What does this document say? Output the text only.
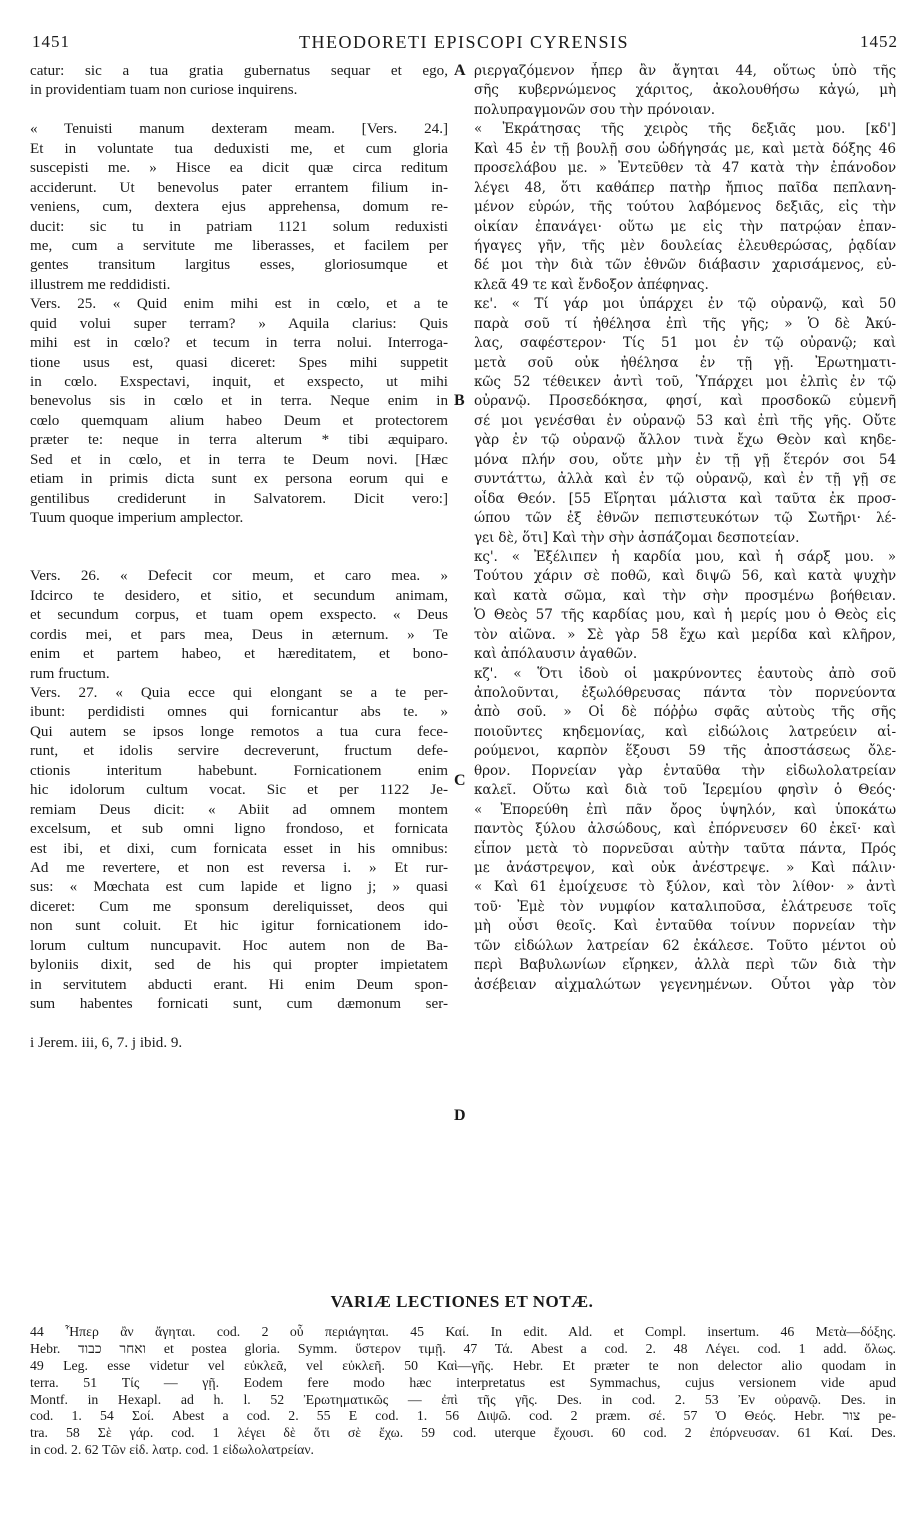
1451	THEODORETI EPISCOPI CYRENSIS	1452
catur: sic a tua gratia gubernatus sequar et ego,
in providentiam tuam non curiose inquirens.
« Tenuisti manum dexteram meam. [Vers. 24.]
Et in voluntate tua deduxisti me, et cum gloria
suscepisti me. » Hisce ea dicit quæ circa reditum
acciderunt. Ut benevolus pater errantem filium in-
veniens, cum, dextera ejus apprehensa, domum re-
ducit: sic tu in patriam 1121 solum reduxisti
me, cum a servitute me liberasses, et facilem per
gentes transitum largitus esses, gloriosumque et
illustrem me reddidisti.
Vers. 25. « Quid enim mihi est in cœlo, et a te
quid volui super terram? » Aquila clarius: Quis
mihi est in cœlo? et tecum in terra nolui. Interroga-
tione usus est, quasi diceret: Spes mihi suppetit
in cœlo. Exspectavi, inquit, et exspecto, ut mihi
benevolus sis in cœlo et in terra. Neque enim in
cœlo quemquam alium habeo Deum et protectorem
præter te: neque in terra alterum * tibi æquiparo.
Sed et in cœlo, et in terra te Deum novi. [Hæc
etiam in primis dicta sunt ex persona eorum qui e
gentilibus crediderunt in Salvatorem. Dicit vero:]
Tuum quoque imperium amplector.
Vers. 26. « Defecit cor meum, et caro mea. »
Idcirco te desidero, et sitio, et secundum animam,
et secundum corpus, et tuam opem exspecto. « Deus
cordis mei, et pars mea, Deus in æternum. » Te
enim et partem habeo, et hæreditatem, et bono-
rum fructum.
Vers. 27. « Quia ecce qui elongant se a te per-
ibunt: perdidisti omnes qui fornicantur abs te. »
Qui autem se ipsos longe remotos a tua cura fece-
runt, et idolis servire decreverunt, fructum defe-
ctionis interitum habebunt. Fornicationem enim
hic idolorum cultum vocat. Sic et per 1122 Je-
remiam Deus dicit: « Abiit ad omnem montem
excelsum, et sub omni ligno frondoso, et fornicata
est ibi, et dixi, cum fornicata esset in his omnibus:
Ad me revertere, et non est reversa i. » Et rur-
sus: « Mœchata est cum lapide et ligno j; » quasi
diceret: Cum me sponsum dereliquisset, deos qui
non sunt coluit. Et hic igitur fornicationem ido-
lorum cultum nuncupavit. Hoc autem non de Ba-
byloniis dixit, sed de his qui propter impietatem
in servitutem abducti erant. Hi enim Deum spon-
sum habentes fornicati sunt, cum dæmonum ser-
i Jerem. iii, 6, 7. j ibid. 9.
A
B
C
D
ριεργαζόμενον ἧπερ ἂν ἄγηται 44, οὕτως ὑπὸ τῆς
σῆς κυβερνώμενος χάριτος, ἀκολουθήσω κἀγώ, μὴ
πολυπραγμονῶν σου τὴν πρόνοιαν.
« Ἐκράτησας τῆς χειρὸς τῆς δεξιᾶς μου. [κδ']
Καὶ 45 ἐν τῇ βουλῇ σου ὡδήγησάς με, καὶ μετὰ δόξης 46
προσελάβου με. » Ἐντεῦθεν τὰ 47 κατὰ τὴν ἐπάνοδον
λέγει 48, ὅτι καθάπερ πατὴρ ἤπιος παῖδα πεπλανη-
μένον εὑρών, τῆς τούτου λαβόμενος δεξιᾶς, εἰς τὴν
οἰκίαν ἐπανάγει· οὕτω με εἰς τὴν πατρῴαν ἐπαν-
ήγαγες γῆν, τῆς μὲν δουλείας ἐλευθερώσας, ῥᾳδίαν
δέ μοι τὴν διὰ τῶν ἐθνῶν διάβασιν χαρισάμενος, εὐ-
κλεᾶ 49 τε καὶ ἔνδοξον ἀπέφηνας.
κε'. « Τί γάρ μοι ὑπάρχει ἐν τῷ οὐρανῷ, καὶ 50
παρὰ σοῦ τί ἠθέλησα ἐπὶ τῆς γῆς; » Ὁ δὲ Ἀκύ-
λας, σαφέστερον· Τίς 51 μοι ἐν τῷ οὐρανῷ; καὶ
μετὰ σοῦ οὐκ ἠθέλησα ἐν τῇ γῇ. Ἐρωτηματι-
κῶς 52 τέθεικεν ἀντὶ τοῦ, Ὑπάρχει μοι ἐλπὶς ἐν τῷ
οὐρανῷ. Προσεδόκησα, φησί, καὶ προσδοκῶ εὐμενῆ
σέ μοι γενέσθαι ἐν οὐρανῷ 53 καὶ ἐπὶ τῆς γῆς. Οὔτε
γὰρ ἐν τῷ οὐρανῷ ἄλλον τινὰ ἔχω Θεὸν καὶ κηδε-
μόνα πλήν σου, οὔτε μὴν ἐν τῇ γῇ ἕτερόν σοι 54
συντάττω, ἀλλὰ καὶ ἐν τῷ οὐρανῷ, καὶ ἐν τῇ γῇ σε
οἶδα Θεόν. [55 Εἴρηται μάλιστα καὶ ταῦτα ἐκ προσ-
ώπου τῶν ἐξ ἐθνῶν πεπιστευκότων τῷ Σωτῆρι· λέ-
γει δὲ, ὅτι] Καὶ τὴν σὴν ἀσπάζομαι δεσποτείαν.
κς'. « Ἐξέλιπεν ἡ καρδία μου, καὶ ἡ σάρξ μου. »
Τούτου χάριν σὲ ποθῶ, καὶ διψῶ 56, καὶ κατὰ ψυχὴν
καὶ κατὰ σῶμα, καὶ τὴν σὴν προσμένω βοήθειαν.
Ὁ Θεὸς 57 τῆς καρδίας μου, καὶ ἡ μερίς μου ὁ Θεὸς εἰς
τὸν αἰῶνα. » Σὲ γὰρ 58 ἔχω καὶ μερίδα καὶ κλῆρον,
καὶ ἀπόλαυσιν ἀγαθῶν.
κζ'. « Ὅτι ἰδοὺ οἱ μακρύνοντες ἑαυτοὺς ἀπὸ σοῦ
ἀπολοῦνται, ἐξωλόθρευσας πάντα τὸν πορνεύοντα
ἀπὸ σοῦ. » Οἱ δὲ πόῤῥω σφᾶς αὐτοὺς τῆς σῆς
ποιοῦντες κηδεμονίας, καὶ εἰδώλοις λατρεύειν αἱ-
ρούμενοι, καρπὸν ἕξουσι 59 τῆς ἀποστάσεως ὄλε-
θρον. Πορνείαν γὰρ ἐνταῦθα τὴν εἰδωλολατρείαν
καλεῖ. Οὕτω καὶ διὰ τοῦ Ἱερεμίου φησὶν ὁ Θεός·
« Ἐπορεύθη ἐπὶ πᾶν ὄρος ὑψηλόν, καὶ ὑποκάτω
παντὸς ξύλου ἀλσώδους, καὶ ἐπόρνευσεν 60 ἐκεῖ· καὶ
εἶπον μετὰ τὸ πορνεῦσαι αὐτὴν ταῦτα πάντα, Πρός
με ἀνάστρεψον, καὶ οὐκ ἀνέστρεψε. » Καὶ πάλιν·
« Καὶ 61 ἐμοίχευσε τὸ ξύλον, καὶ τὸν λίθον· » ἀντὶ
τοῦ· Ἐμὲ τὸν νυμφίον καταλιποῦσα, ἐλάτρευσε τοῖς
μὴ οὖσι θεοῖς. Καὶ ἐνταῦθα τοίνυν πορνείαν τὴν
τῶν εἰδώλων λατρείαν 62 ἐκάλεσε. Τοῦτο μέντοι οὐ
περὶ Βαβυλωνίων εἴρηκεν, ἀλλὰ περὶ τῶν διὰ τὴν
ἀσέβειαν αἰχμαλώτων γεγενημένων. Οὗτοι γὰρ τὸν
VARIÆ LECTIONES ET NOTÆ.
44 Ἧπερ ἂν ἄγηται. cod. 2 οὗ περιάγηται. 45 Καί. In edit. Ald. et Compl. insertum. 46 Μετὰ—δόξης.
Hebr. ואחר כבוד et postea gloria. Symm. ὕστερον τιμῇ. 47 Τά. Abest a cod. 2. 48 Λέγει. cod. 1 add. ὅλως.
49 Leg. esse videtur vel εὐκλεᾶ, vel εὐκλεῆ. 50 Καὶ—γῆς. Hebr. Et præter te non delector alio quodam in
terra. 51 Τίς — γῇ. Eodem fere modo hæc interpretatus est Symmachus, cujus versionem vide apud
Montf. in Hexapl. ad h. l. 52 Ἐρωτηματικῶς — ἐπὶ τῆς γῆς. Des. in cod. 2. 53 Ἐν οὐρανῷ. Des. in
cod. 1. 54 Σοί. Abest a cod. 2. 55 E cod. 1. 56 Διψῶ. cod. 2 præm. σέ. 57 Ὁ Θεός. Hebr. צור pe-
tra. 58 Σὲ γάρ. cod. 1 λέγει δὲ ὅτι σὲ ἔχω. 59 cod. uterque ἔχουσι. 60 cod. 2 ἐπόρνευσαν. 61 Καί. Des.
in cod. 2. 62 Τῶν εἰδ. λατρ. cod. 1 εἰδωλολατρείαν.
